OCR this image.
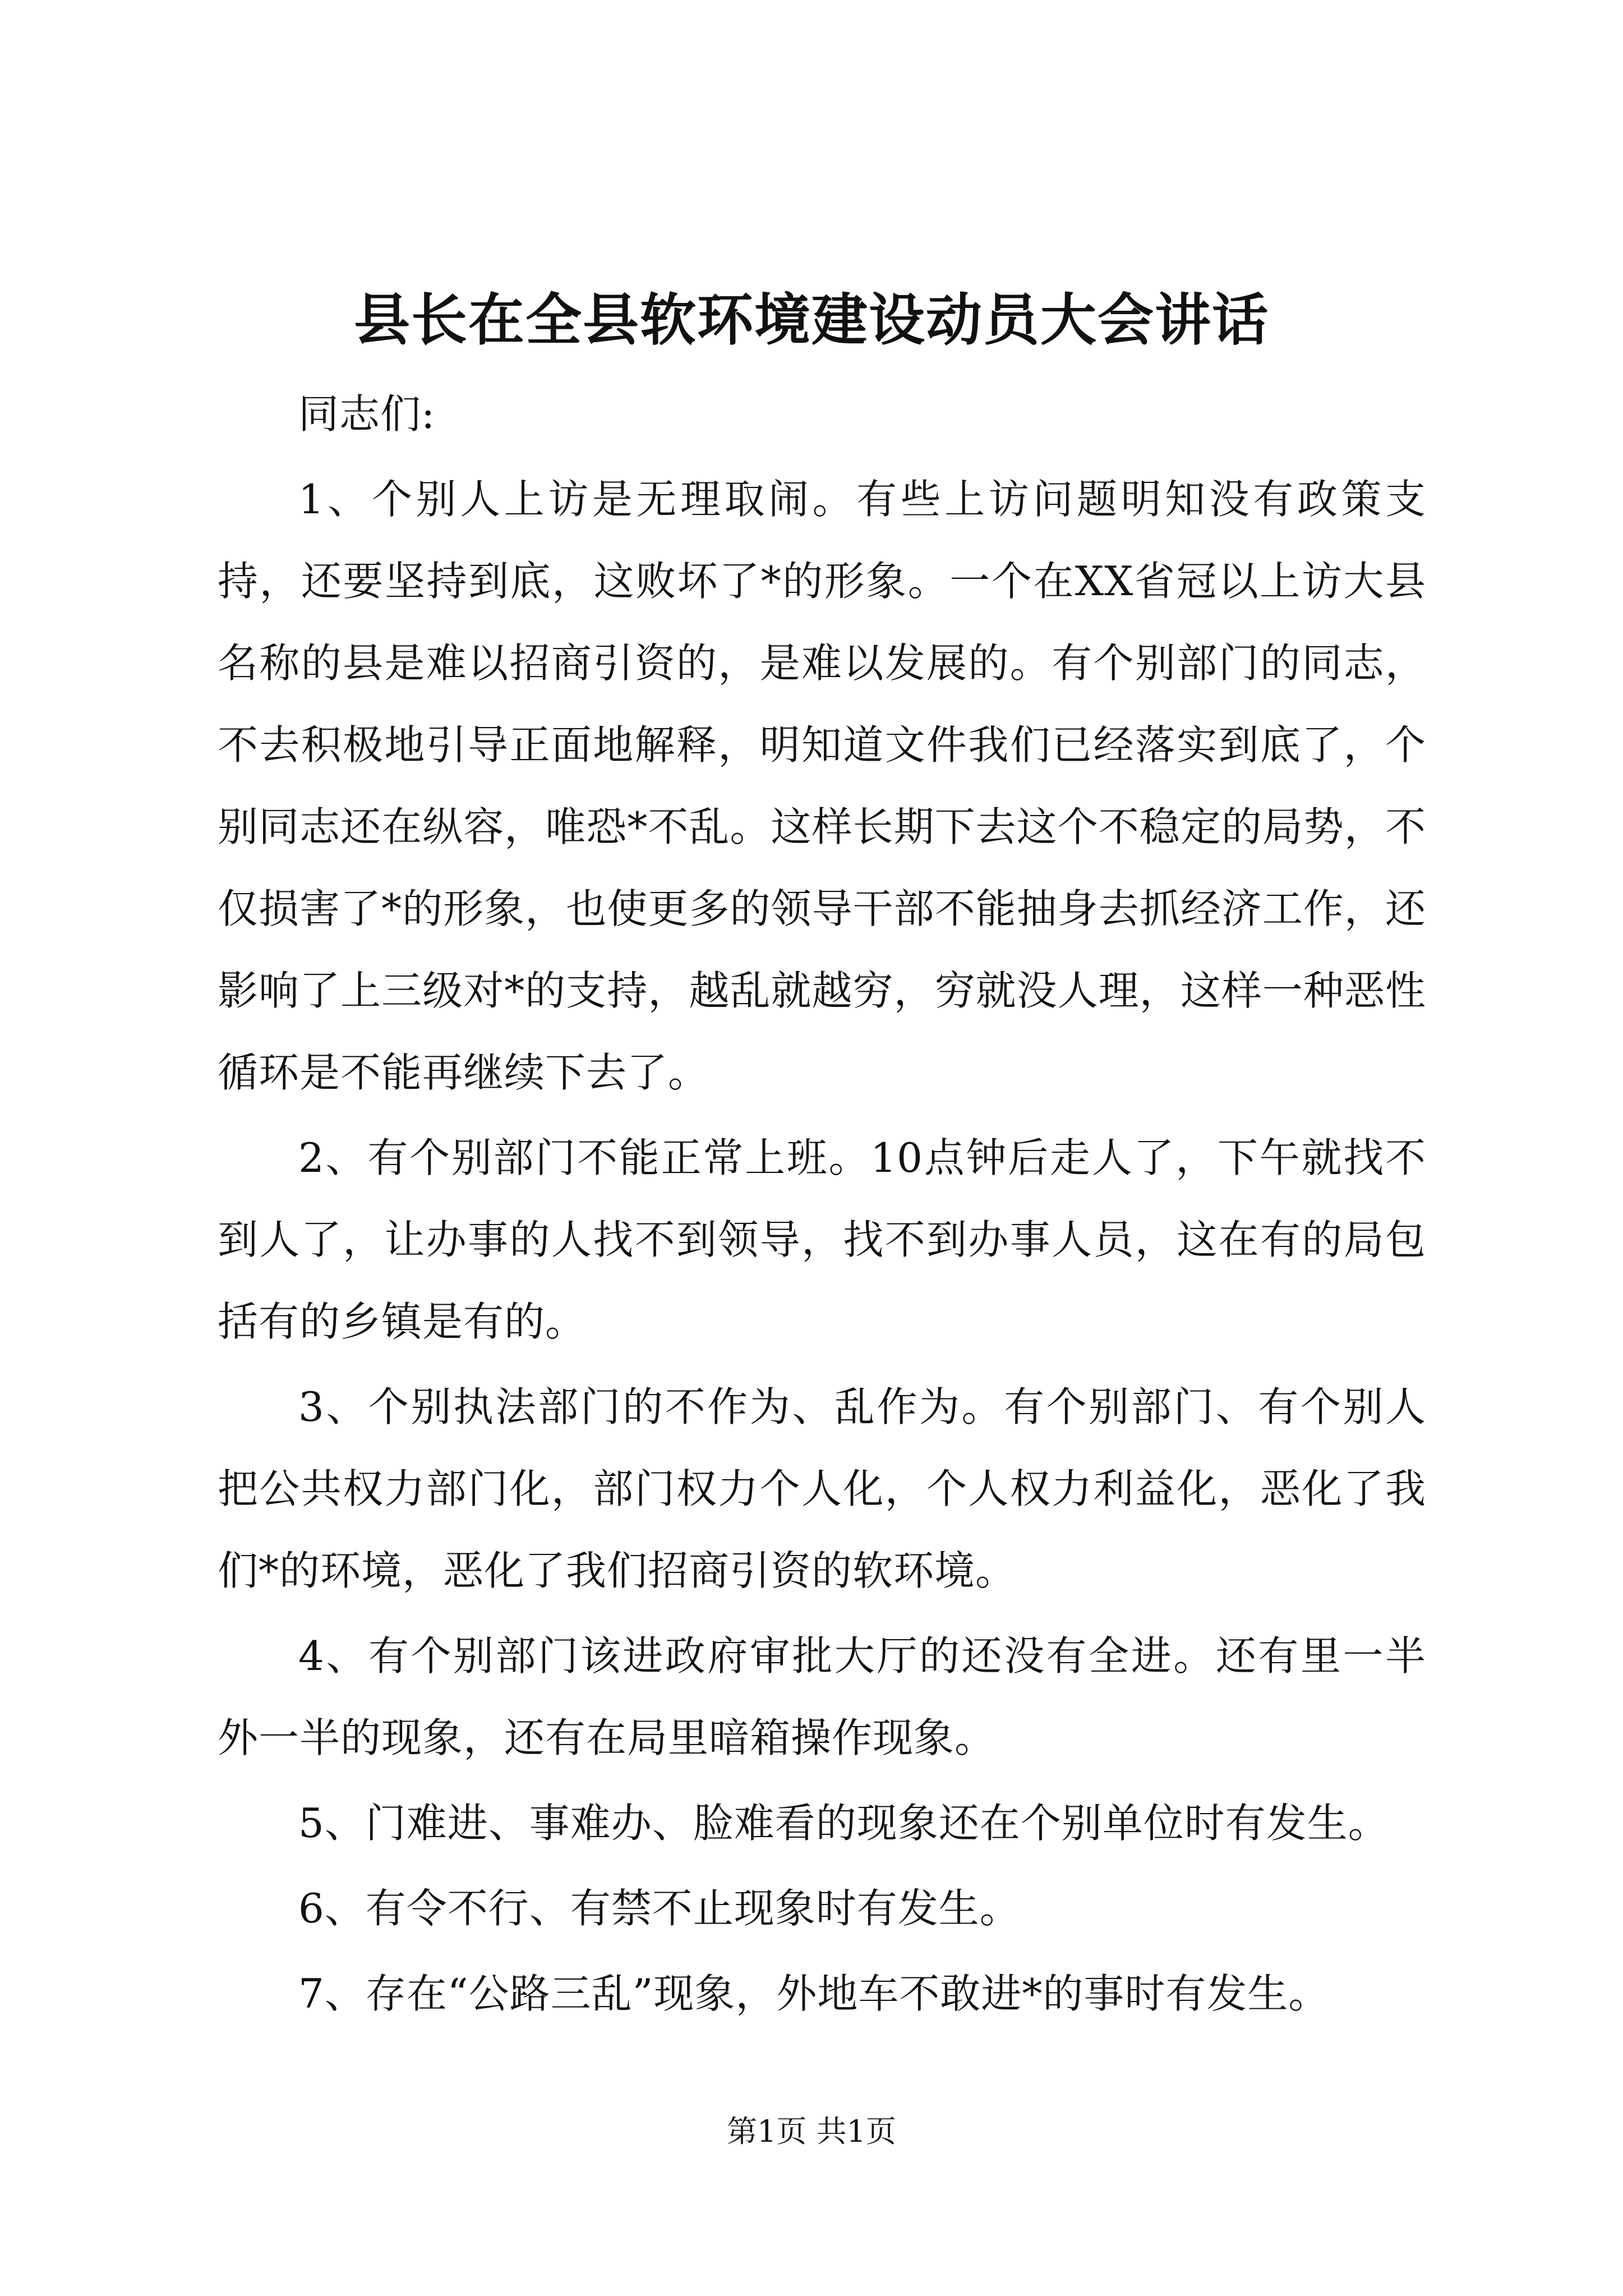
县长在全县软环境建设动员大会讲话

同志们:

1、个别人上访是无理取闹。有些上访问题明知没有政策支持，还要坚持到底，这败坏了*的形象。一个在XX省冠以上访大县名称的县是难以招商引资的，是难以发展的。有个别部门的同志，不去积极地引导正面地解释，明知道文件我们已经落实到底了，个别同志还在纵容，唯恐*不乱。这样长期下去这个不稳定的局势，不仅损害了*的形象，也使更多的领导干部不能抽身去抓经济工作，还影响了上三级对*的支持，越乱就越穷，穷就没人理，这样一种恶性循环是不能再继续下去了。

2、有个别部门不能正常上班。10点钟后走人了，下午就找不到人了，让办事的人找不到领导，找不到办事人员，这在有的局包括有的乡镇是有的。

3、个别执法部门的不作为、乱作为。有个别部门、有个别人把公共权力部门化，部门权力个人化，个人权力利益化，恶化了我们*的环境，恶化了我们招商引资的软环境。

4、有个别部门该进政府审批大厅的还没有全进。还有里一半外一半的现象，还有在局里暗箱操作现象。

5、门难进、事难办、脸难看的现象还在个别单位时有发生。

6、有令不行、有禁不止现象时有发生。

7、存在“公路三乱”现象，外地车不敢进*的事时有发生。

第1页 共1页
